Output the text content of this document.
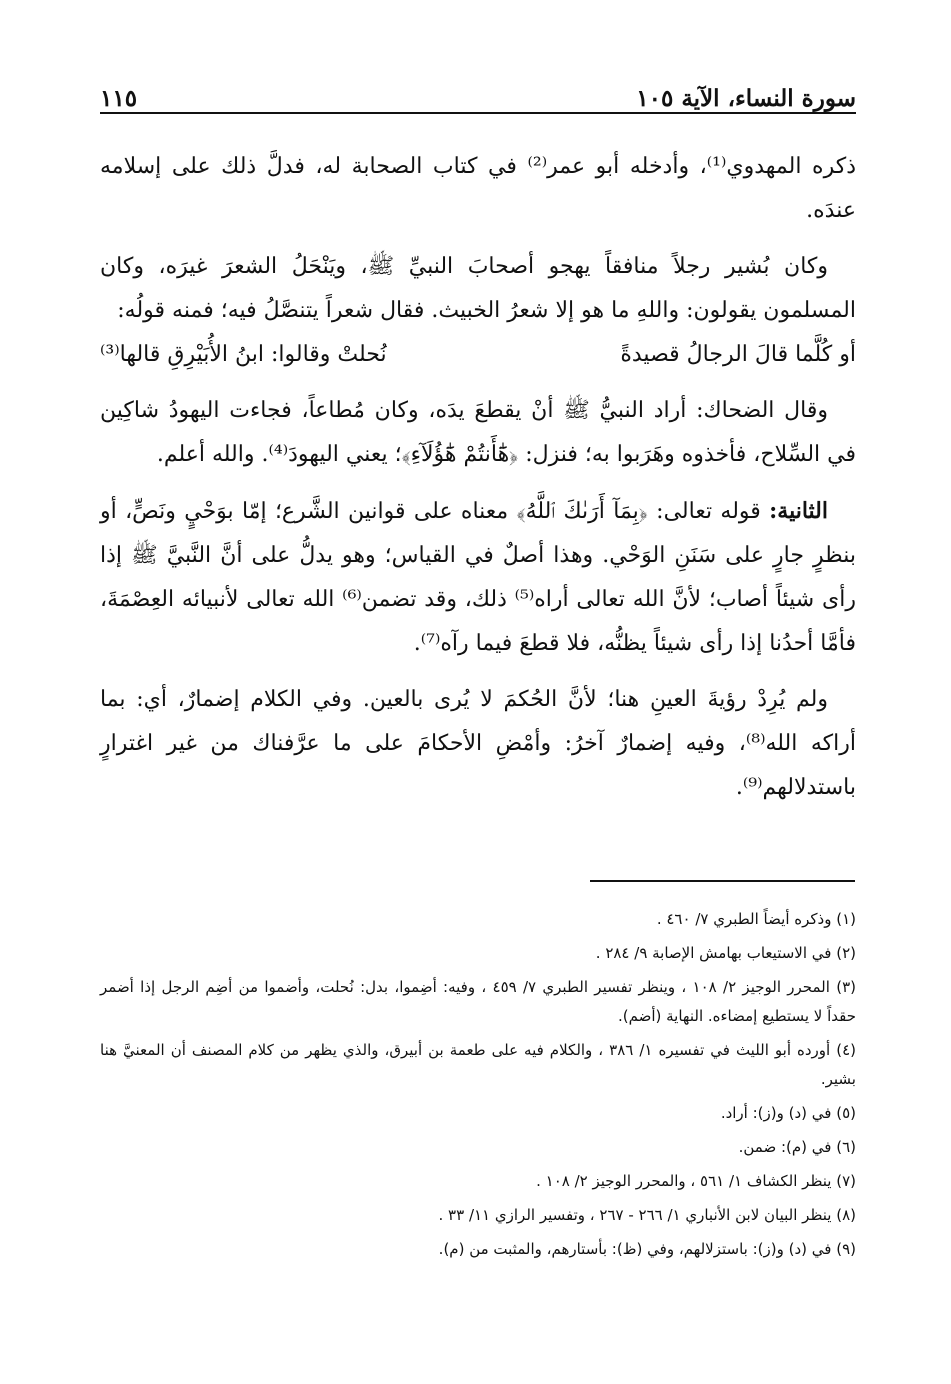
سورة النساء، الآية ١٠٥
١١٥

ذكره المهدوي⁽¹⁾، وأدخله أبو عمر⁽²⁾ في كتاب الصحابة له، فدلَّ ذلك على إسلامه عندَه.

وكان بُشير رجلاً منافقاً يهجو أصحابَ النبيِّ ﷺ، ويَنْحَلُ الشعرَ غيرَه، وكان المسلمون يقولون: واللهِ ما هو إلا شعرُ الخبيث. فقال شعراً يتنصَّلُ فيه؛ فمنه قولُه:

أو كُلَّما قالَ الرجالُ قصيدةً
نُحلتْ وقالوا: ابنُ الأُبَيْرِقِ قالها⁽³⁾

وقال الضحاك: أراد النبيُّ ﷺ أنْ يقطعَ يدَه، وكان مُطاعاً، فجاءت اليهودُ شاكِين في السِّلاح، فأخذوه وهَرَبوا به؛ فنزل: ﴿هَٰٓأَنتُمْ هَٰٓؤُلَآءِ﴾؛ يعني اليهودَ⁽⁴⁾. والله أعلم.

الثانية: قوله تعالى: ﴿بِمَآ أَرَىٰكَ ٱللَّهُ﴾ معناه على قوانين الشَّرع؛ إمّا بوَحْيٍ ونَصٍّ، أو بنظرٍ جارٍ على سَنَنِ الوَحْي. وهذا أصلٌ في القياس؛ وهو يدلُّ على أنَّ النَّبيَّ ﷺ إذا رأى شيئاً أصاب؛ لأنَّ الله تعالى أراه⁽⁵⁾ ذلك، وقد تضمن⁽⁶⁾ الله تعالى لأنبيائه العِصْمَةَ، فأمَّا أحدُنا إذا رأى شيئاً يظنُّه، فلا قطعَ فيما رآه⁽⁷⁾.

ولم يُرِدْ رؤيةَ العينِ هنا؛ لأنَّ الحُكمَ لا يُرى بالعين. وفي الكلام إضمارٌ، أي: بما أراكه الله⁽⁸⁾، وفيه إضمارٌ آخرُ: وأمْضِ الأحكامَ على ما عرَّفناك من غير اغترارٍ باستدلالهم⁽⁹⁾.

(١) وذكره أيضاً الطبري ٧/ ٤٦٠ .
(٢) في الاستيعاب بهامش الإصابة ٩/ ٢٨٤ .
(٣) المحرر الوجيز ٢/ ١٠٨ ، وينظر تفسير الطبري ٧/ ٤٥٩ ، وفيه: أضِموا، بدل: نُحلت، وأضموا من أضِم الرجل إذا أضمر حقداً لا يستطيع إمضاءه. النهاية (أضم).
(٤) أورده أبو الليث في تفسيره ١/ ٣٨٦ ، والكلام فيه على طعمة بن أبيرق، والذي يظهر من كلام المصنف أن المعنيَّ هنا بشير.
(٥) في (د) و(ز): أراد.
(٦) في (م): ضمن.
(٧) ينظر الكشاف ١/ ٥٦١ ، والمحرر الوجيز ٢/ ١٠٨ .
(٨) ينظر البيان لابن الأنباري ١/ ٢٦٦ - ٢٦٧ ، وتفسير الرازي ١١/ ٣٣ .
(٩) في (د) و(ز): باستزلالهم، وفي (ظ): بأستارهم، والمثبت من (م).
